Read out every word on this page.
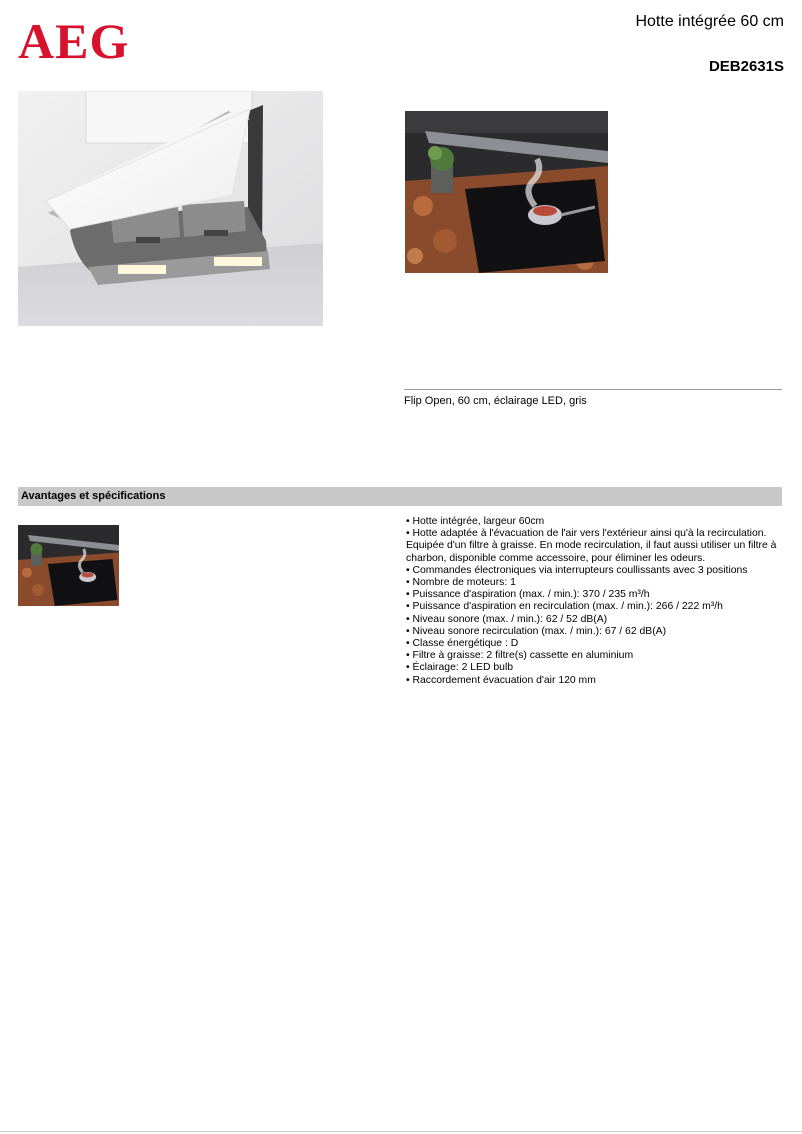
AEG	Hotte intégrée 60 cm
DEB2631S
Flip Open, 60 cm, éclairage LED, gris
Avantages et spécifications
• Hotte intégrée, largeur 60cm
• Hotte adaptée à l'évacuation de l'air vers l'extérieur ainsi qu'à la recirculation. Equipée d'un filtre à graisse. En mode recirculation, il faut aussi utiliser un filtre à charbon, disponible comme accessoire, pour éliminer les odeurs.
• Commandes électroniques via interrupteurs coullissants avec 3 positions
• Nombre de moteurs: 1
• Puissance d'aspiration (max. / min.): 370 / 235 m³/h
• Puissance d'aspiration en recirculation (max. / min.): 266 / 222 m³/h
• Niveau sonore (max. / min.): 62 / 52 dB(A)
• Niveau sonore recirculation (max. / min.): 67 / 62 dB(A)
• Classe énergétique : D
• Filtre à graisse: 2 filtre(s) cassette en aluminium
• Éclairage: 2 LED bulb
• Raccordement évacuation d'air 120 mm
